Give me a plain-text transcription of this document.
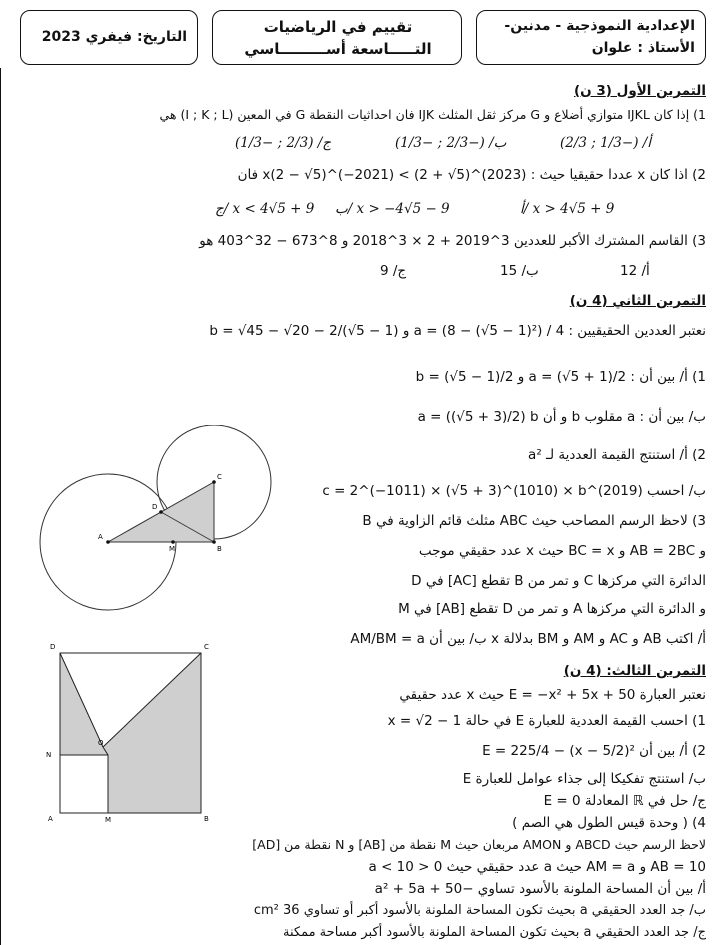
التاريخ: فيفري 2023
تقييم في الرياضيات
التـــــاسعة أســـــــــاسي
الإعدادية النموذجية - مدنين-
الأستاذ : علوان
التمرين الأول (3 ن)
1) إذا كان IJKL متوازي أضلاع و G مركز ثقل المثلث IJK فان احداثيات النقطة G في المعين (I ; K ; L) هي
أ/ (−1/3 ; 2/3)
ب/ (−2/3 ; −1/3)
ج/ (2/3 ; −1/3)
2) اذا كان x عددا حقيقيا حيث : x(2 − √5)^(−2021) < (2 + √5)^(2023) فان
أ/ x > 4√5 + 9
ب/ x > −4√5 − 9
ج/ x < 4√5 + 9
3) القاسم المشترك الأكبر للعددين 3^2019 + 2 × 3^2018 و 8^673 − 32^403 هو
أ/ 12
ب/ 15
ج/ 9
التمرين الثاني (4 ن)
نعتبر العددين الحقيقيين : a = (8 − (√5 − 1)²) / 4 و b = √45 − √20 − 2/(√5 − 1)
1) أ/ بين أن : a = (√5 + 1)/2 و b = (√5 − 1)/2
ب/ بين أن : a مقلوب b و أن a = ((√5 + 3)/2) b
2) أ/ استنتج القيمة العددية لـ a²
ب/ احسب c = 2^(−1011) × (√5 + 3)^(1010) × b^(2019)
3) لاحظ الرسم المصاحب حيث ABC مثلث قائم الزاوية في B
و AB = 2BC و BC = x حيث x عدد حقيقي موجب
الدائرة التي مركزها C و تمر من B تقطع [AC] في D
و الدائرة التي مركزها A و تمر من D تقطع [AB] في M
أ/ اكتب AB و AC و AM و BM بدلالة x ب/ بين أن AM/BM = a
A
M	B
C
D
التمرين الثالث: (4 ن)
نعتبر العبارة E = −x² + 5x + 50 حيث x عدد حقيقي
1) احسب القيمة العددية للعبارة E في حالة x = √2 − 1
2) أ/ بين أن E = 225/4 − (x − 5/2)²
ب/ استنتج تفكيكا إلى جذاء عوامل للعبارة E
ج/ حل في ℝ المعادلة E = 0
4) ( وحدة قيس الطول هي الصم )
لاحظ الرسم حيث ABCD و AMON مربعان حيث M نقطة من [AB] و N نقطة من [AD]
AB = 10 و AM = a حيث a عدد حقيقي حيث 0 < a < 10
أ/ بين أن المساحة الملونة بالأسود تساوي −a² + 5a + 50
ب/ جد العدد الحقيقي a بحيث تكون المساحة الملونة بالأسود أكبر أو تساوي 36 cm²
ج/ جد العدد الحقيقي a بحيث تكون المساحة الملونة بالأسود أكبر مساحة ممكنة
D	C
N
O
A	M	B
